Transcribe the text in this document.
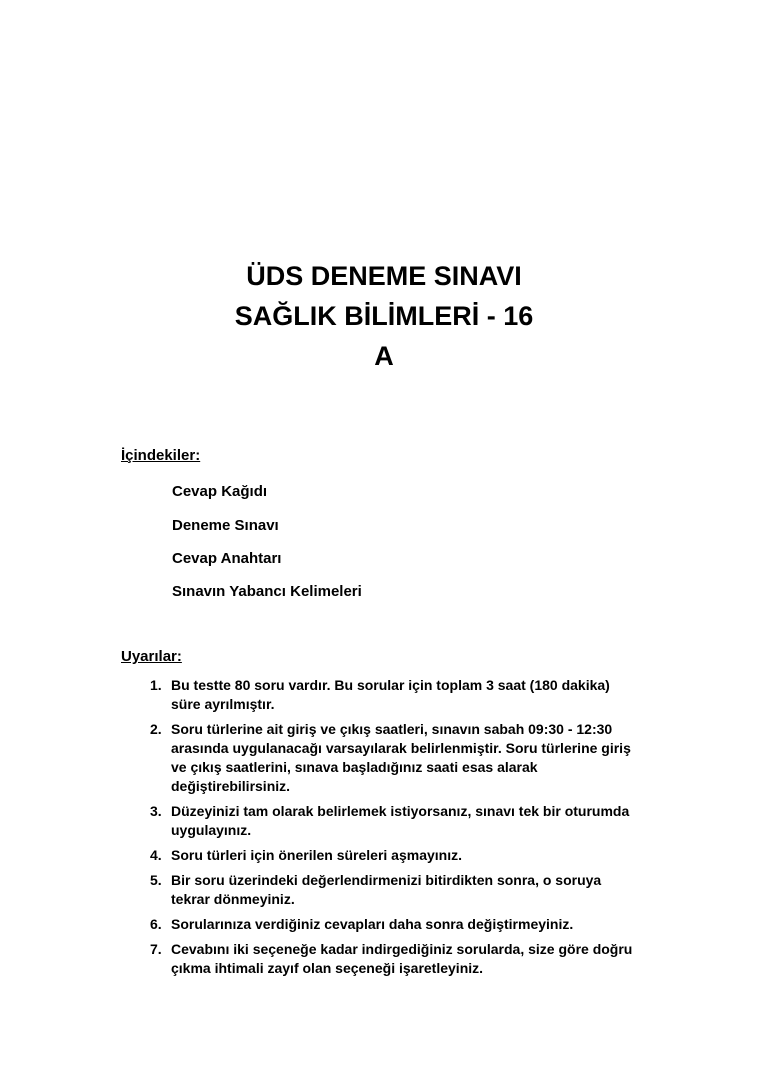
ÜDS DENEME SINAVI
SAĞLIK BİLİMLERİ - 16
A
İçindekiler:
Cevap Kağıdı
Deneme Sınavı
Cevap Anahtarı
Sınavın Yabancı Kelimeleri
Uyarılar:
1. Bu testte 80 soru vardır. Bu sorular için toplam 3 saat (180 dakika) süre ayrılmıştır.
2. Soru türlerine ait giriş ve çıkış saatleri, sınavın sabah 09:30 - 12:30 arasında uygulanacağı varsayılarak belirlenmiştir. Soru türlerine giriş ve çıkış saatlerini, sınava başladığınız saati esas alarak değiştirebilirsiniz.
3. Düzeyinizi tam olarak belirlemek istiyorsanız, sınavı tek bir oturumda uygulayınız.
4. Soru türleri için önerilen süreleri aşmayınız.
5. Bir soru üzerindeki değerlendirmenizi bitirdikten sonra, o soruya tekrar dönmeyiniz.
6. Sorularınıza verdiğiniz cevapları daha sonra değiştirmeyiniz.
7. Cevabını iki seçeneğe kadar indirgediğiniz sorularda, size göre doğru çıkma ihtimali zayıf olan seçeneği işaretleyiniz.
